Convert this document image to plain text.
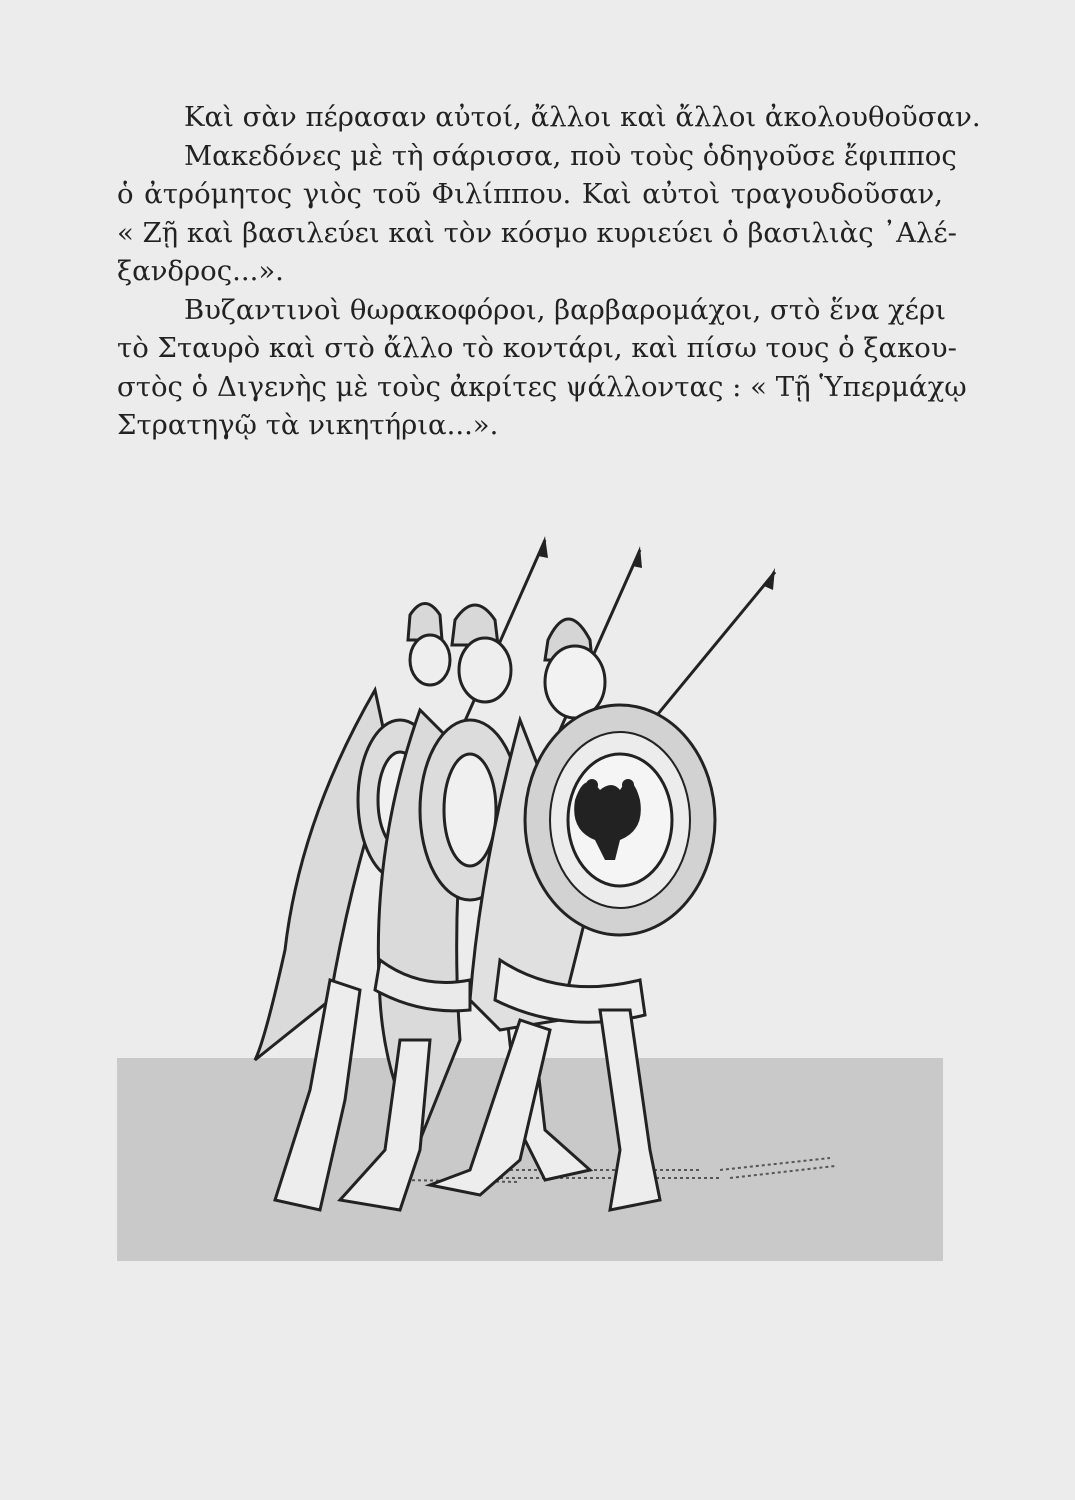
Καὶ σὰν πέρασαν αὐτοί, ἄλλοι καὶ ἄλλοι ἀκολουθοῦσαν.
Μακεδόνες μὲ τὴ σάρισσα, ποὺ τοὺς ὁδηγοῦσε ἔφιππος
ὁ ἀτρόμητος γιὸς τοῦ Φιλίππου. Καὶ αὐτοὶ τραγουδοῦσαν,
« Ζῇ καὶ βασιλεύει καὶ τὸν κόσμο κυριεύει ὁ βασιλιὰς ᾿Αλέ-
ξανδρος...».
Βυζαντινοὶ θωρακοφόροι, βαρβαρομάχοι, στὸ ἕνα χέρι
τὸ Σταυρὸ καὶ στὸ ἄλλο τὸ κοντάρι, καὶ πίσω τους ὁ ξακου-
στὸς ὁ Διγενὴς μὲ τοὺς ἀκρίτες ψάλλοντας : « Τῇ Ὑπερμάχῳ
Στρατηγῷ τὰ νικητήρια...».
